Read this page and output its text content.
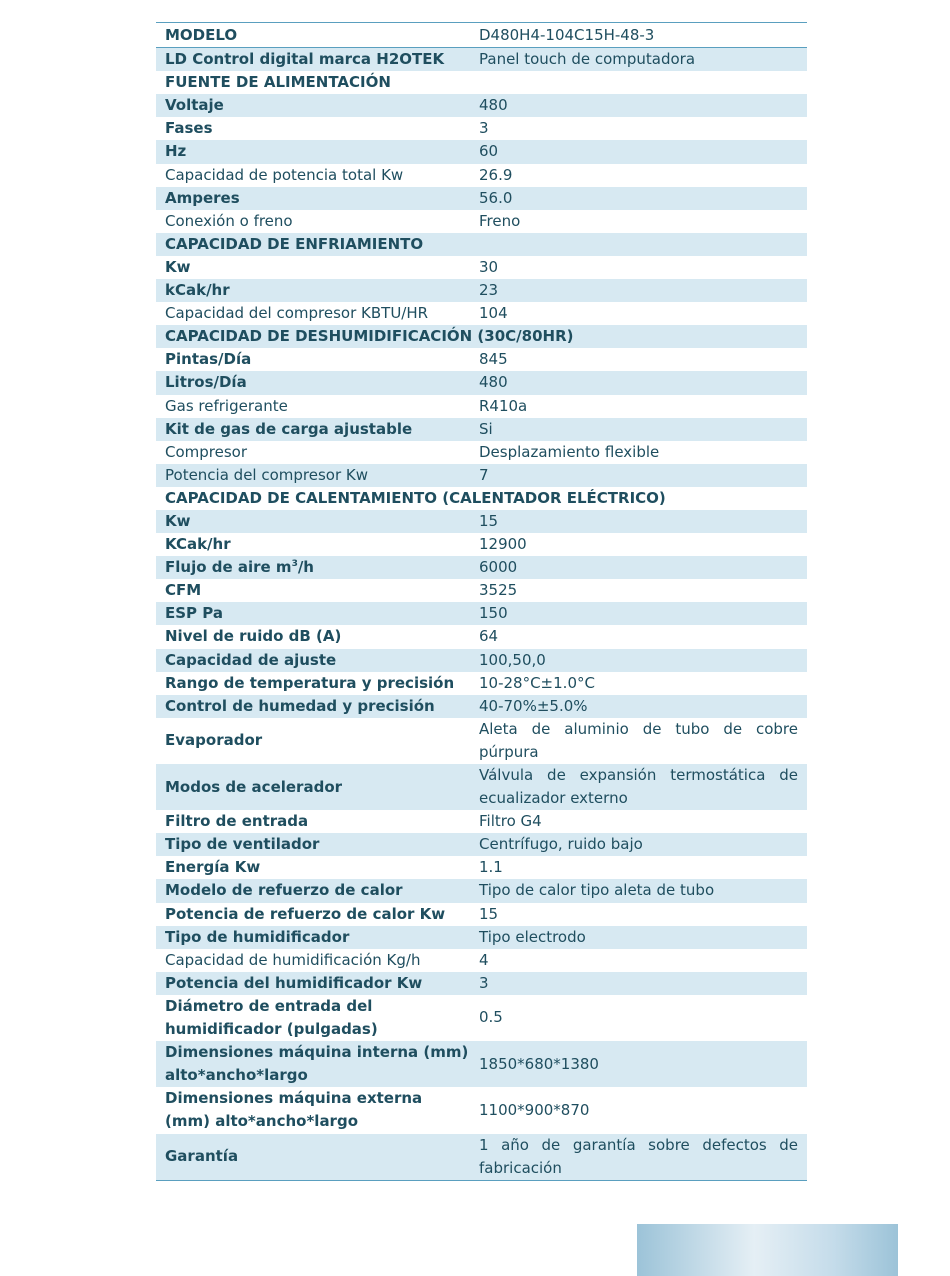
MODELO	D480H4-104C15H-48-3
LD Control digital marca H2OTEK	Panel touch de computadora
FUENTE DE ALIMENTACIÓN	
Voltaje	480
Fases	3
Hz	60
Capacidad de potencia total Kw	26.9
Amperes	56.0
Conexión o freno	Freno
CAPACIDAD DE ENFRIAMIENTO	
Kw	30
kCak/hr	23
Capacidad del compresor KBTU/HR	104
CAPACIDAD DE DESHUMIDIFICACIÓN (30C/80HR)	
Pintas/Día	845
Litros/Día	480
Gas refrigerante	R410a
Kit de gas de carga ajustable	Si
Compresor	Desplazamiento flexible
Potencia del compresor Kw	7
CAPACIDAD DE CALENTAMIENTO (CALENTADOR ELÉCTRICO)	
Kw	15
KCak/hr	12900
Flujo de aire $m^3/h$	6000
CFM	3525
ESP Pa	150
Nivel de ruido dB (A)	64
Capacidad de ajuste	100,50,0
Rango de temperatura y precisión	10-28°C±1.0°C
Control de humedad y precisión	40-70%±5.0%
Evaporador	Aleta de aluminio de tubo de cobre púrpura
Modos de acelerador	Válvula de expansión termostática de ecualizador externo
Filtro de entrada	Filtro G4
Tipo de ventilador	Centrífugo, ruido bajo
Energía Kw	1.1
Modelo de refuerzo de calor	Tipo de calor tipo aleta de tubo
Potencia de refuerzo de calor Kw	15
Tipo de humidificador	Tipo electrodo
Capacidad de humidificación Kg/h	4
Potencia del humidificador Kw	3
Diámetro de entrada del humidificador (pulgadas)	0.5
Dimensiones máquina interna (mm) alto*ancho*largo	1850*680*1380
Dimensiones máquina externa (mm) alto*ancho*largo	1100*900*870
Garantía	1 año de garantía sobre defectos de fabricación
